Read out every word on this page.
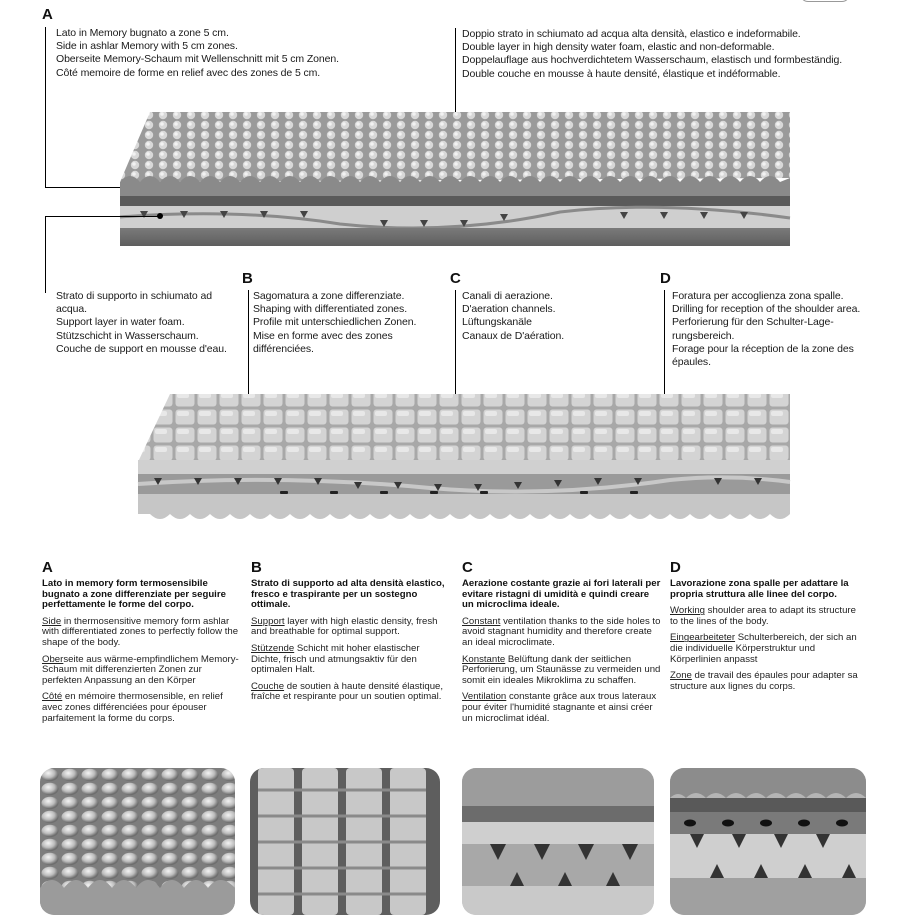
A
Lato in Memory bugnato a zone 5 cm.
Side in ashlar Memory with 5 cm zones.
Oberseite Memory-Schaum mit Wellenschnitt mit 5 cm Zonen.
Côté memoire de forme en relief avec des zones de 5 cm.
Doppio strato in schiumato ad acqua alta densità, elastico e indeformabile.
Double layer in high density water foam, elastic and non-deformable.
Doppelauflage aus hochverdichtetem Wasserschaum, elastisch und formbeständig.
Double couche en mousse à haute densité, élastique et indéformable.
Strato di supporto in schiumato ad
acqua.
Support layer in water foam.
Stützschicht in Wasserschaum.
Couche de support en mousse d'eau.
B
Sagomatura a zone differenziate.
Shaping with differentiated zones.
Profile mit unterschiedlichen Zonen.
Mise en forme avec des zones
différenciées.
C
Canali di aerazione.
D'aeration channels.
Lüftungskanäle
Canaux de D'aération.
D
Foratura per accoglienza zona spalle.
Drilling for reception of the shoulder area.
Perforierung für den Schulter-Lage-
rungsbereich.
Forage pour la réception de la zone des
épaules.
A
Lato in memory form termosensibile bugnato a zone differenziate per seguire perfettamente le forme del corpo.
Side in thermosensitive memory form ashlar with differentiated zones to perfectly follow the shape of the body.
Oberseite aus wärme-empfindlichem Memory-Schaum mit differenzierten Zonen zur perfekten Anpassung an den Körper
Côté en mémoire thermosensible, en relief avec zones différenciées pour épouser parfaitement la forme du corps.
B
Strato di supporto ad alta densità elastico, fresco e traspirante per un sostegno ottimale.
Support layer with high elastic density, fresh and breathable for optimal support.
Stützende Schicht mit hoher elastischer Dichte, frisch und atmungsaktiv für den optimalen Halt.
Couche de soutien à haute densité élastique, fraîche et respirante pour un soutien optimal.
C
Aerazione costante grazie ai fori laterali per evitare ristagni di umidità e quindi creare un microclima ideale.
Constant ventilation thanks to the side holes to avoid stagnant humidity and therefore create an ideal microclimate.
Konstante Belüftung dank der seitlichen Perforierung, um Staunässe zu vermeiden und somit ein ideales Mikroklima zu schaffen.
Ventilation constante grâce aux trous lateraux pour éviter l'humidité stagnante et ainsi créer un microclimat idéal.
D
Lavorazione zona spalle per adattare la propria struttura alle linee del corpo.
Working shoulder area to adapt its structure to the lines of the body.
Eingearbeiteter Schulterbereich, der sich an die individuelle Körperstruktur und Körperlinien anpasst
Zone de travail des épaules pour adapter sa structure aux lignes du corps.
